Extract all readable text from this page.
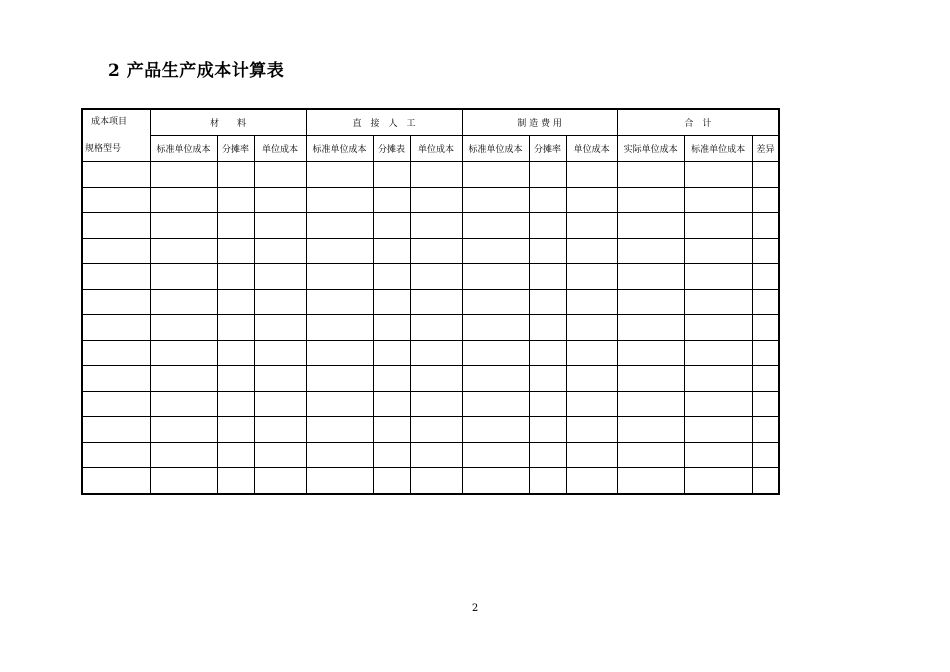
2 产品生产成本计算表
成本项目
规格型号	材　　料			直　接　人　工			制 造 费 用			合　计		
	标准单位成本	分摊率	单位成本	标准单位成本	分摊表	单位成本	标准单位成本	分摊率	单位成本	实际单位成本	标准单位成本	差异

2
